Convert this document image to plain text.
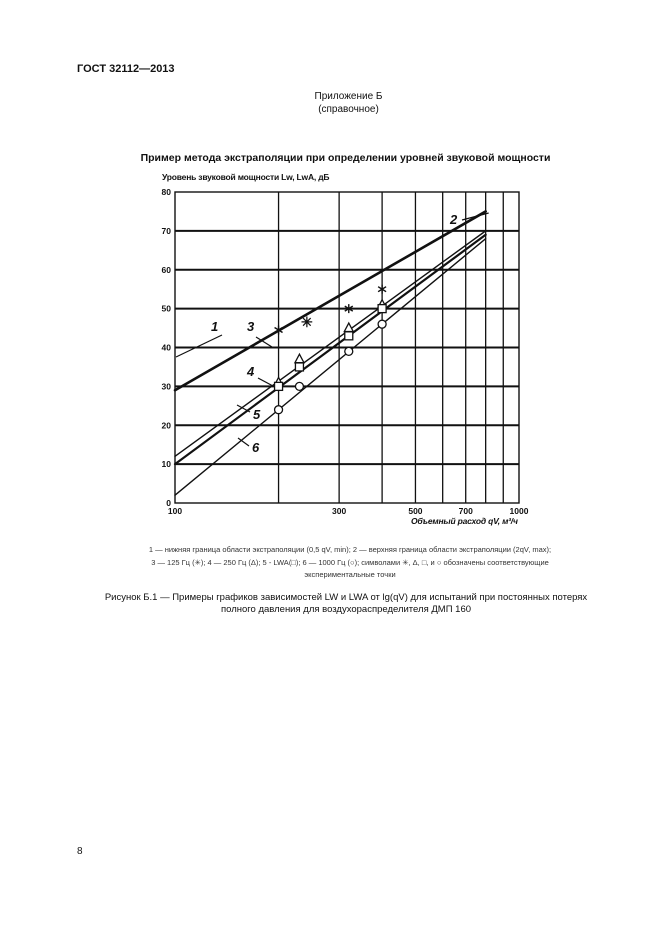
ГОСТ 32112—2013
Приложение Б
(справочное)
Пример метода экстраполяции при определении уровней звуковой мощности
Уровень звуковой мощности Lw, LwA, дБ
Объемный расход qV, м³/ч
0
10
20
30
40
50
60
70
80
100	300	500	700	1000
1
2
3
4
5
6
✳
1 — нижняя граница области экстраполяции (0,5 qV, min); 2 — верхняя граница области экстраполяции (2qV, max);
3 — 125 Гц (✳); 4 — 250 Гц (Δ); 5 - LWA(□); 6 — 1000 Гц (○); символами ✳, Δ, □, и ○ обозначены соответствующие
экспериментальные точки
Рисунок Б.1 — Примеры графиков зависимостей LW и LWA от lg(qV) для испытаний при постоянных потерях
полного давления для воздухораспределителя ДМП 160
8
